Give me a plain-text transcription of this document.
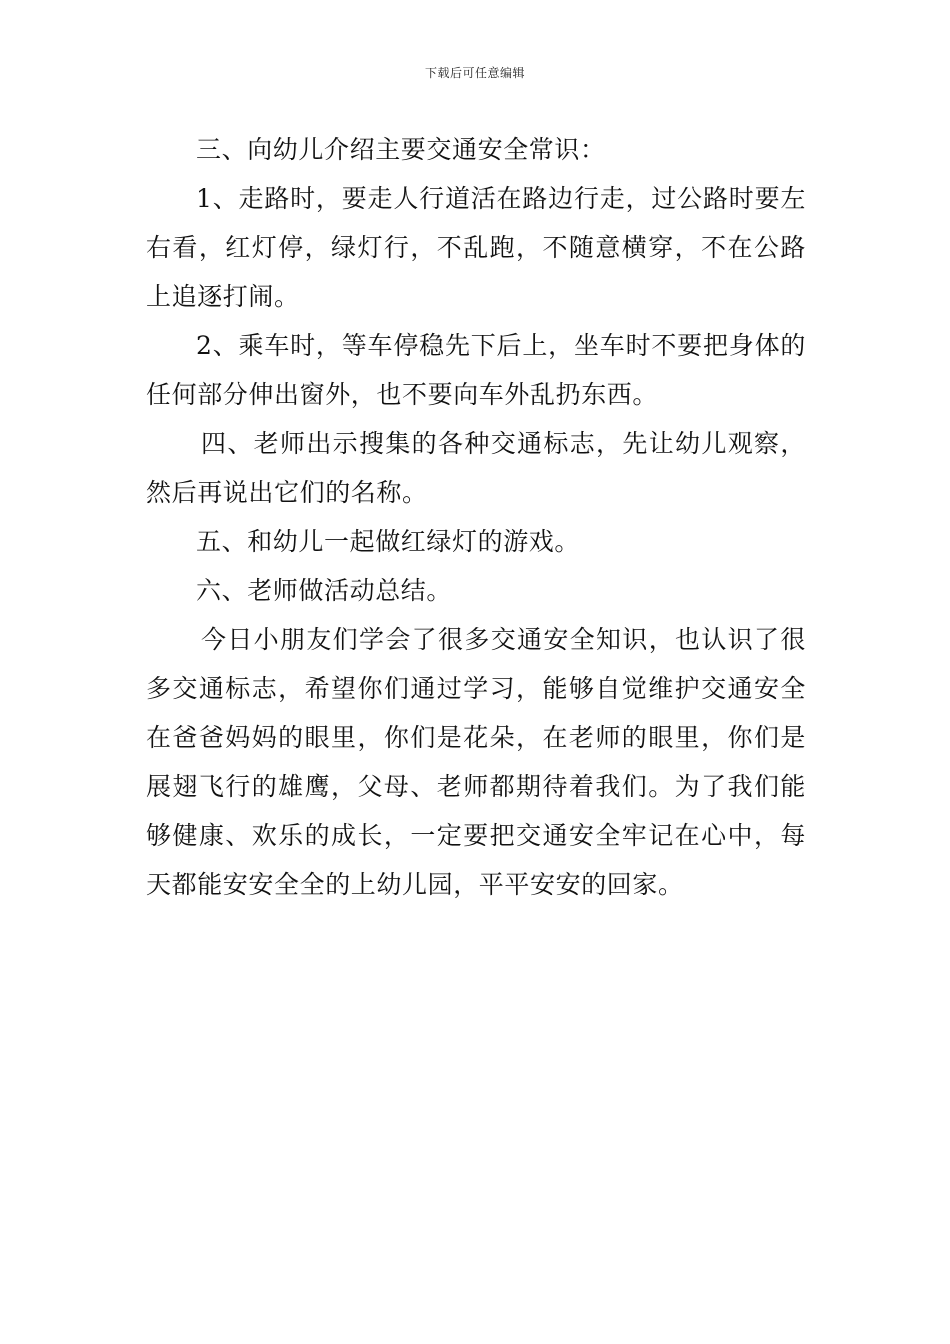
下载后可任意编辑

三、向幼儿介绍主要交通安全常识：

1、走路时，要走人行道活在路边行走，过公路时要左右看，红灯停，绿灯行，不乱跑，不随意横穿，不在公路上追逐打闹。

2、乘车时，等车停稳先下后上，坐车时不要把身体的任何部分伸出窗外，也不要向车外乱扔东西。

四、老师出示搜集的各种交通标志，先让幼儿观察，然后再说出它们的名称。

五、和幼儿一起做红绿灯的游戏。

六、老师做活动总结。

今日小朋友们学会了很多交通安全知识，也认识了很多交通标志，希望你们通过学习，能够自觉维护交通安全在爸爸妈妈的眼里，你们是花朵，在老师的眼里，你们是展翅飞行的雄鹰，父母、老师都期待着我们。为了我们能够健康、欢乐的成长，一定要把交通安全牢记在心中，每天都能安安全全的上幼儿园，平平安安的回家。
